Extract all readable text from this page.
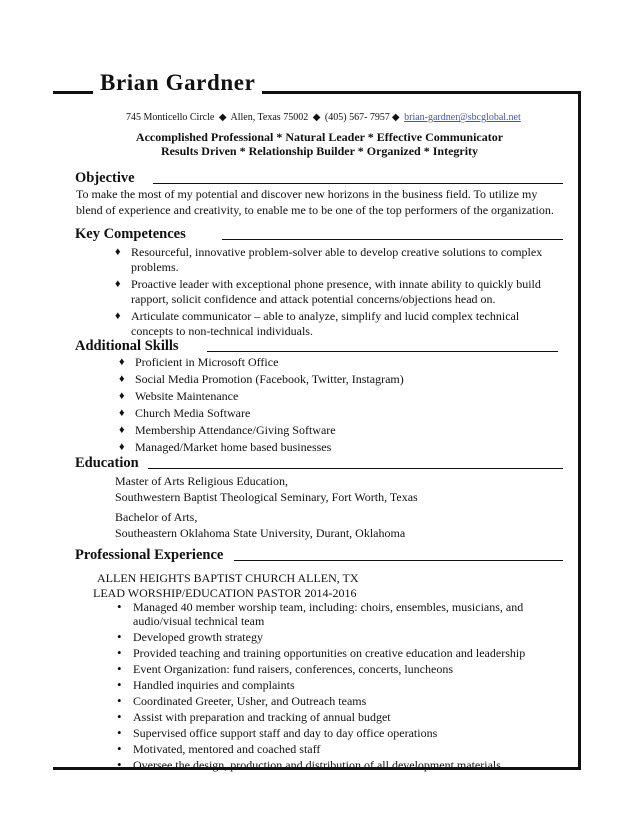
Brian Gardner
745 Monticello Circle ◆ Allen, Texas 75002 ◆ (405) 567- 7957 ◆ brian-gardner@sbcglobal.net
Accomplished Professional * Natural Leader * Effective Communicator
Results Driven * Relationship Builder * Organized * Integrity
Objective
To make the most of my potential and discover new horizons in the business field. To utilize my blend of experience and creativity, to enable me to be one of the top performers of the organization.
Key Competences
♦ Resourceful, innovative problem-solver able to develop creative solutions to complex problems.
♦ Proactive leader with exceptional phone presence, with innate ability to quickly build rapport, solicit confidence and attack potential concerns/objections head on.
♦ Articulate communicator – able to analyze, simplify and lucid complex technical concepts to non-technical individuals.
Additional Skills
♦ Proficient in Microsoft Office
♦ Social Media Promotion (Facebook, Twitter, Instagram)
♦ Website Maintenance
♦ Church Media Software
♦ Membership Attendance/Giving Software
♦ Managed/Market home based businesses
Education
Master of Arts Religious Education,
Southwestern Baptist Theological Seminary, Fort Worth, Texas
Bachelor of Arts,
Southeastern Oklahoma State University, Durant, Oklahoma
Professional Experience
ALLEN HEIGHTS BAPTIST CHURCH ALLEN, TX
LEAD WORSHIP/EDUCATION PASTOR 2014-2016
• Managed 40 member worship team, including: choirs, ensembles, musicians, and audio/visual technical team
• Developed growth strategy
• Provided teaching and training opportunities on creative education and leadership
• Event Organization: fund raisers, conferences, concerts, luncheons
• Handled inquiries and complaints
• Coordinated Greeter, Usher, and Outreach teams
• Assist with preparation and tracking of annual budget
• Supervised office support staff and day to day office operations
• Motivated, mentored and coached staff
• Oversee the design, production and distribution of all development materials
